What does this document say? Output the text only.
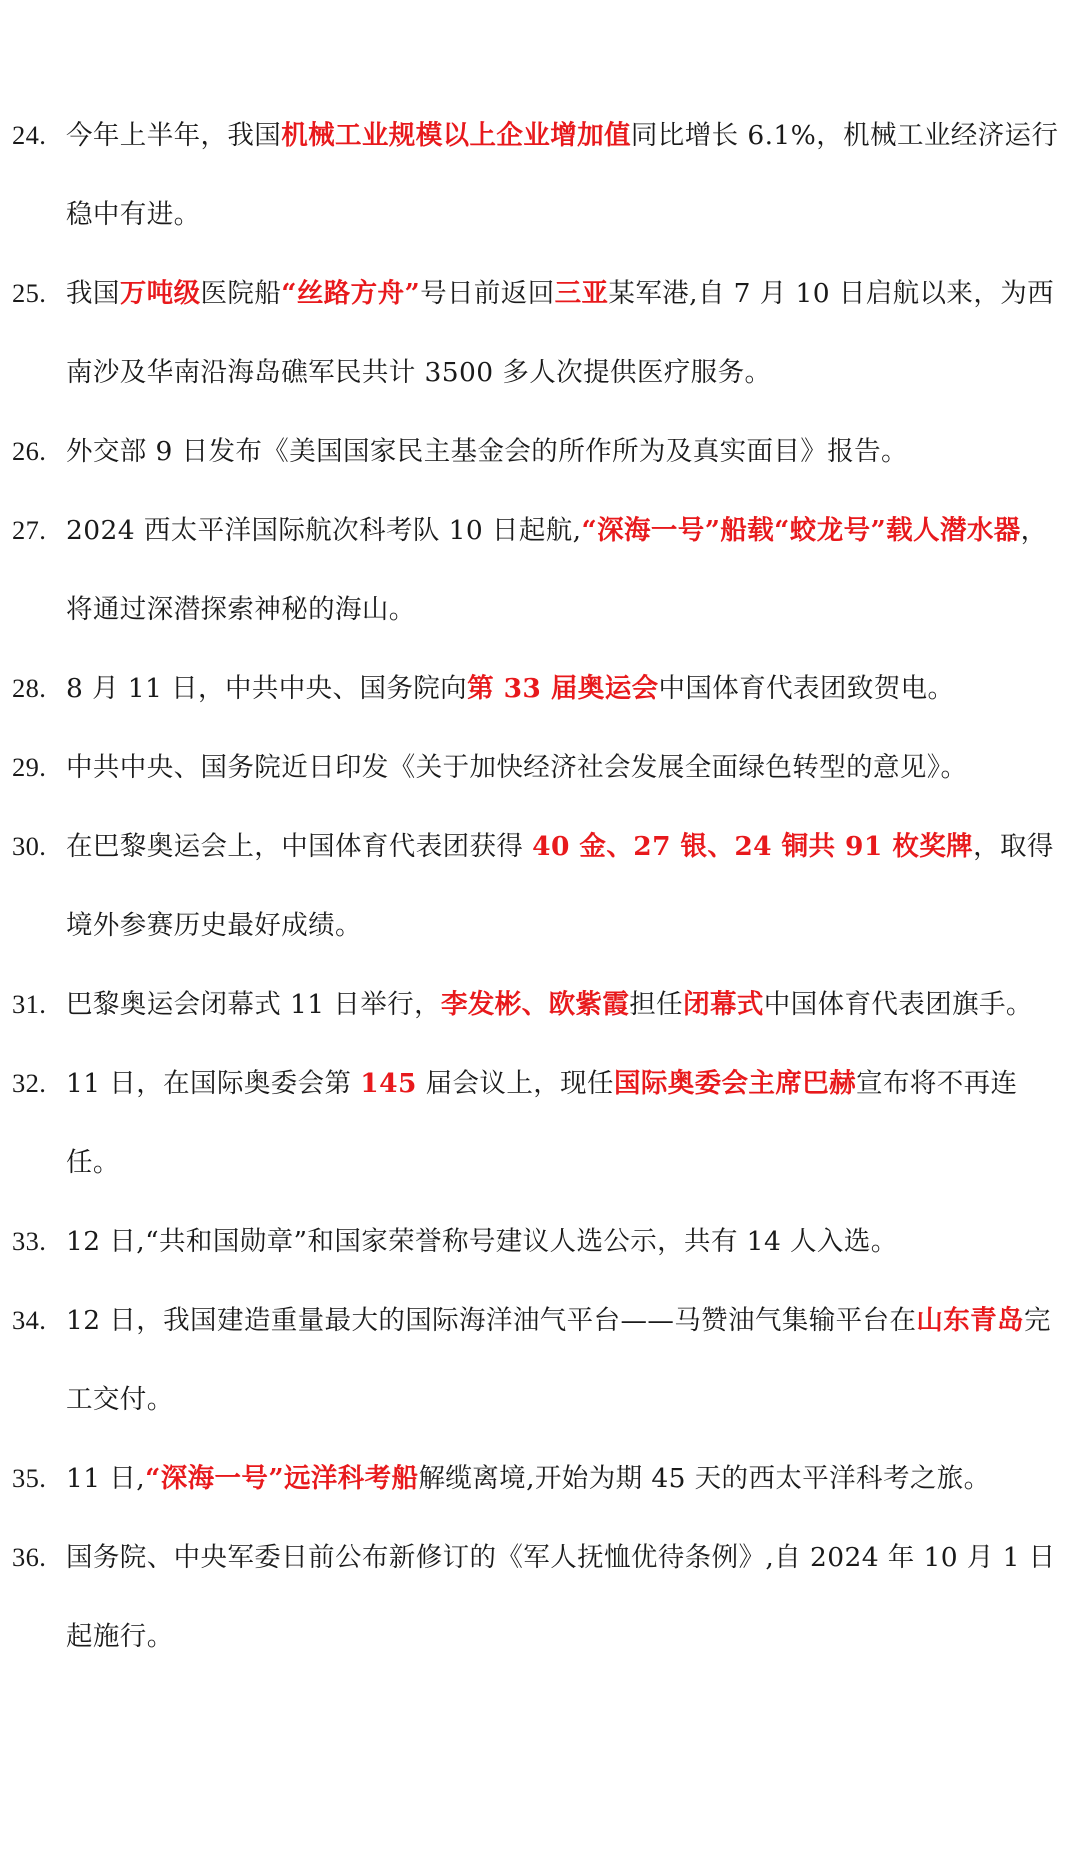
24. 今年上半年，我国机械工业规模以上企业增加值同比增长 6.1%，机械工业经济运行稳中有进。
25. 我国万吨级医院船“丝路方舟”号日前返回三亚某军港,自 7 月 10 日启航以来，为西南沙及华南沿海岛礁军民共计 3500 多人次提供医疗服务。
26. 外交部 9 日发布《美国国家民主基金会的所作所为及真实面目》报告。
27. 2024 西太平洋国际航次科考队 10 日起航,“深海一号”船载“蛟龙号”载人潜水器，将通过深潜探索神秘的海山。
28. 8 月 11 日，中共中央、国务院向第 33 届奥运会中国体育代表团致贺电。
29. 中共中央、国务院近日印发《关于加快经济社会发展全面绿色转型的意见》。
30. 在巴黎奥运会上，中国体育代表团获得 40 金、27 银、24 铜共 91 枚奖牌，取得境外参赛历史最好成绩。
31. 巴黎奥运会闭幕式 11 日举行，李发彬、欧紫霞担任闭幕式中国体育代表团旗手。
32. 11 日，在国际奥委会第 145 届会议上，现任国际奥委会主席巴赫宣布将不再连任。
33. 12 日,“共和国勋章”和国家荣誉称号建议人选公示，共有 14 人入选。
34. 12 日，我国建造重量最大的国际海洋油气平台——马赞油气集输平台在山东青岛完工交付。
35. 11 日,“深海一号”远洋科考船解缆离境,开始为期 45 天的西太平洋科考之旅。
36. 国务院、中央军委日前公布新修订的《军人抚恤优待条例》,自 2024 年 10 月 1 日起施行。
